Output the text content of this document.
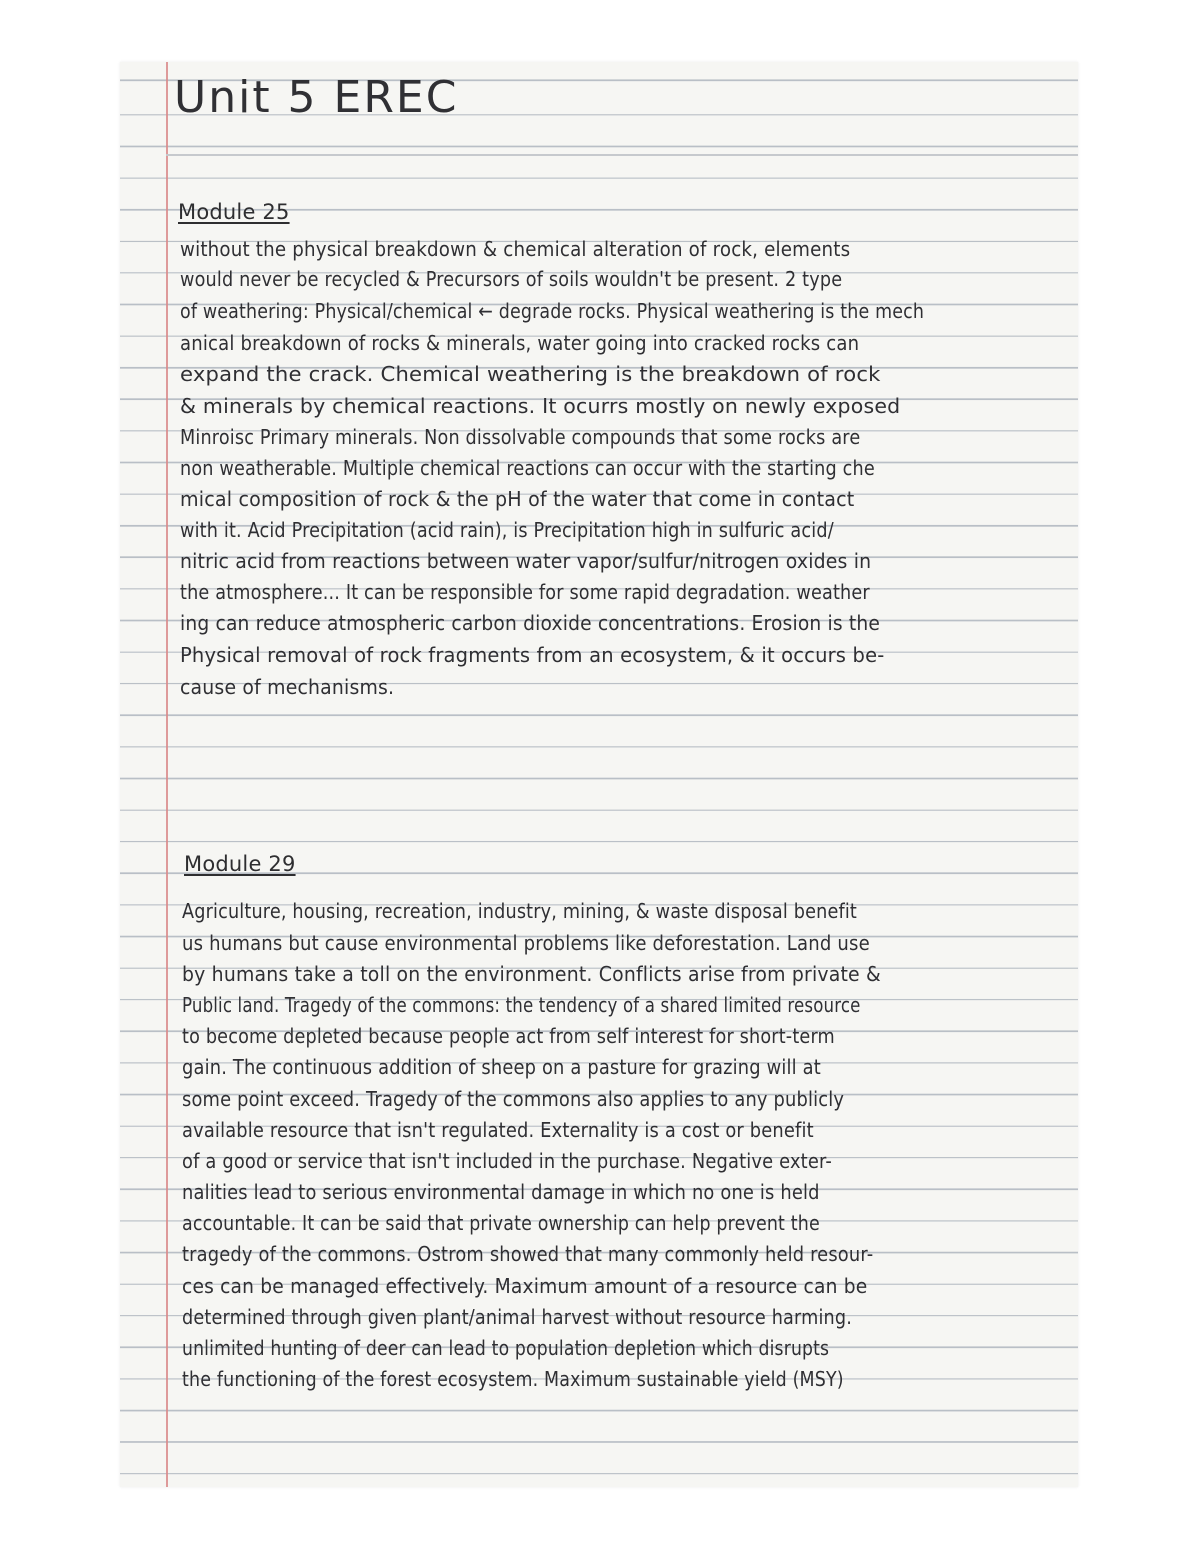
Unit 5 EREC
Module 25
without the physical breakdown & chemical alteration of rock, elements
would never be recycled & Precursors of soils wouldn't be present. 2 type
of weathering: Physical/chemical ← degrade rocks. Physical weathering is the mech
anical breakdown of rocks & minerals, water going into cracked rocks can
expand the crack. Chemical weathering is the breakdown of rock
& minerals by chemical reactions. It ocurrs mostly on newly exposed
Minroisc Primary minerals. Non dissolvable compounds that some rocks are
non weatherable. Multiple chemical reactions can occur with the starting che
mical composition of rock & the pH of the water that come in contact
with it. Acid Precipitation (acid rain), is Precipitation high in sulfuric acid/
nitric acid from reactions between water vapor/sulfur/nitrogen oxides in
the atmosphere... It can be responsible for some rapid degradation. weather
ing can reduce atmospheric carbon dioxide concentrations. Erosion is the
Physical removal of rock fragments from an ecosystem, & it occurs be-
cause of mechanisms.
Module 29
Agriculture, housing, recreation, industry, mining, & waste disposal benefit
us humans but cause environmental problems like deforestation. Land use
by humans take a toll on the environment. Conflicts arise from private &
Public land. Tragedy of the commons: the tendency of a shared limited resource
to become depleted because people act from self interest for short-term
gain. The continuous addition of sheep on a pasture for grazing will at
some point exceed. Tragedy of the commons also applies to any publicly
available resource that isn't regulated. Externality is a cost or benefit
of a good or service that isn't included in the purchase. Negative exter-
nalities lead to serious environmental damage in which no one is held
accountable. It can be said that private ownership can help prevent the
tragedy of the commons. Ostrom showed that many commonly held resour-
ces can be managed effectively. Maximum amount of a resource can be
determined through given plant/animal harvest without resource harming.
unlimited hunting of deer can lead to population depletion which disrupts
the functioning of the forest ecosystem. Maximum sustainable yield (MSY)
